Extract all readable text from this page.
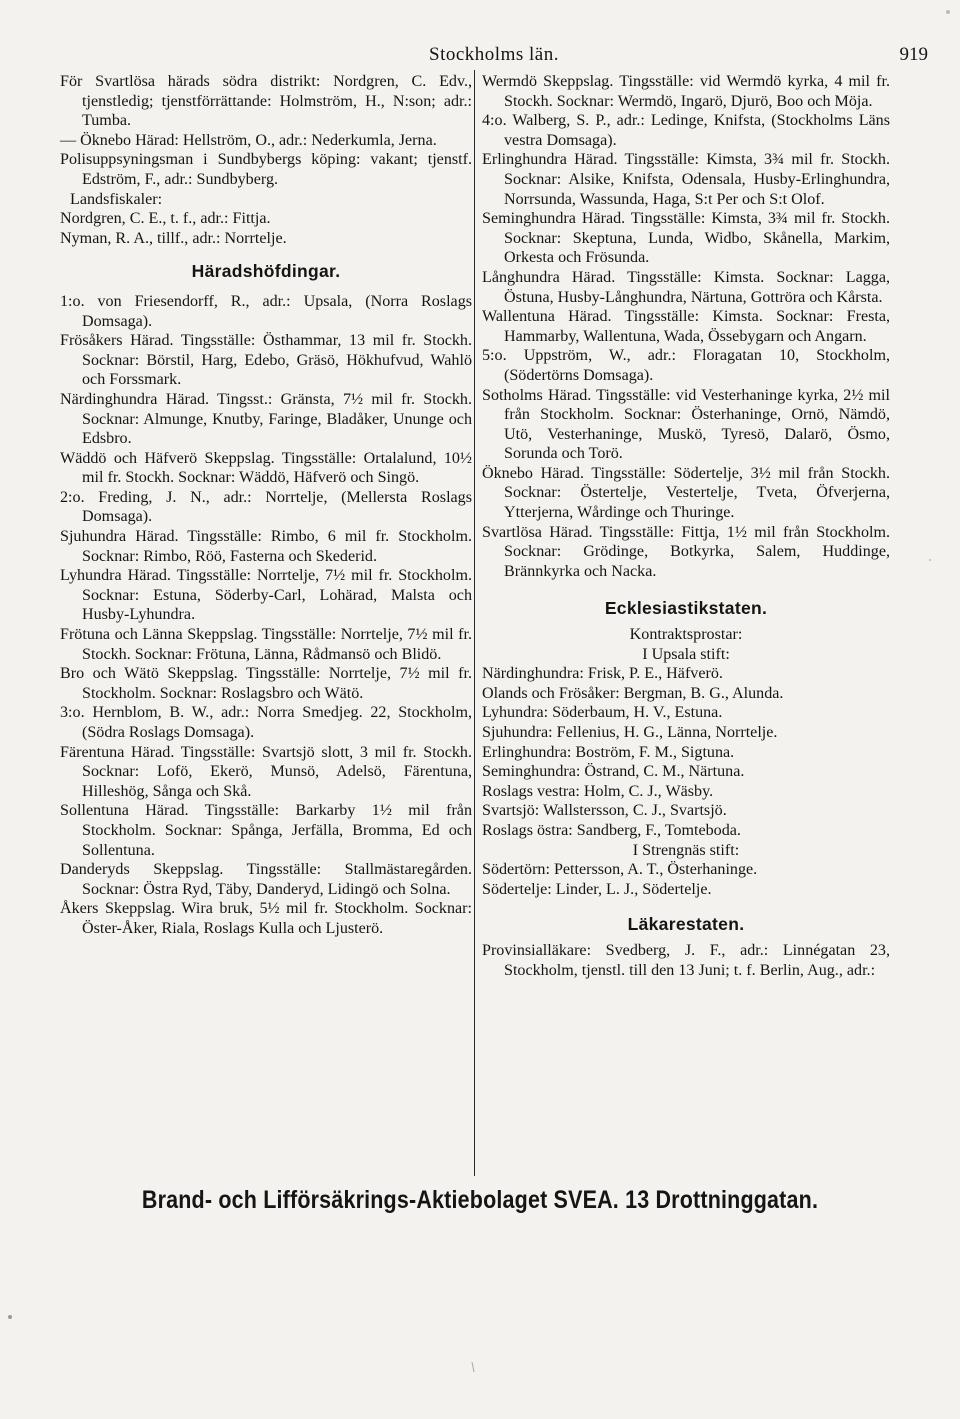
Stockholms län.	919

För Svartlösa härads södra distrikt: Nordgren, C. Edv., tjenstledig; tjenstförrättande: Holmström, H., N:son; adr.: Tumba.

— Öknebo Härad: Hellström, O., adr.: Nederkumla, Jerna.

Polisuppsyningsman i Sundbybergs köping: vakant; tjenstf. Edström, F., adr.: Sundbyberg.

Landsfiskaler:

Nordgren, C. E., t. f., adr.: Fittja.

Nyman, R. A., tillf., adr.: Norrtelje.

Häradshöfdingar.

1:o. von Friesendorff, R., adr.: Upsala, (Norra Roslags Domsaga).

Frösåkers Härad. Tingsställe: Östhammar, 13 mil fr. Stockh. Socknar: Börstil, Harg, Edebo, Gräsö, Hökhufvud, Wahlö och Forssmark.

Närdinghundra Härad. Tingsst.: Gränsta, 7½ mil fr. Stockh. Socknar: Almunge, Knutby, Faringe, Bladåker, Ununge och Edsbro.

Wäddö och Häfverö Skeppslag. Tingsställe: Ortalalund, 10½ mil fr. Stockh. Socknar: Wäddö, Häfverö och Singö.

2:o. Freding, J. N., adr.: Norrtelje, (Mellersta Roslags Domsaga).

Sjuhundra Härad. Tingsställe: Rimbo, 6 mil fr. Stockholm. Socknar: Rimbo, Röö, Fasterna och Skederid.

Lyhundra Härad. Tingsställe: Norrtelje, 7½ mil fr. Stockholm. Socknar: Estuna, Söderby-Carl, Lohärad, Malsta och Husby-Lyhundra.

Frötuna och Länna Skeppslag. Tingsställe: Norrtelje, 7½ mil fr. Stockh. Socknar: Frötuna, Länna, Rådmansö och Blidö.

Bro och Wätö Skeppslag. Tingsställe: Norrtelje, 7½ mil fr. Stockholm. Socknar: Roslagsbro och Wätö.

3:o. Hernblom, B. W., adr.: Norra Smedjeg. 22, Stockholm, (Södra Roslags Domsaga).

Färentuna Härad. Tingsställe: Svartsjö slott, 3 mil fr. Stockh. Socknar: Lofö, Ekerö, Munsö, Adelsö, Färentuna, Hilleshög, Sånga och Skå.

Sollentuna Härad. Tingsställe: Barkarby 1½ mil från Stockholm. Socknar: Spånga, Jerfälla, Bromma, Ed och Sollentuna.

Danderyds Skeppslag. Tingsställe: Stallmästaregården. Socknar: Östra Ryd, Täby, Danderyd, Lidingö och Solna.

Åkers Skeppslag. Wira bruk, 5½ mil fr. Stockholm. Socknar: Öster-Åker, Riala, Roslags Kulla och Ljusterö.

Wermdö Skeppslag. Tingsställe: vid Wermdö kyrka, 4 mil fr. Stockh. Socknar: Wermdö, Ingarö, Djurö, Boo och Möja.

4:o. Walberg, S. P., adr.: Ledinge, Knifsta, (Stockholms Läns vestra Domsaga).

Erlinghundra Härad. Tingsställe: Kimsta, 3¾ mil fr. Stockh. Socknar: Alsike, Knifsta, Odensala, Husby-Erlinghundra, Norrsunda, Wassunda, Haga, S:t Per och S:t Olof.

Seminghundra Härad. Tingsställe: Kimsta, 3¾ mil fr. Stockh. Socknar: Skeptuna, Lunda, Widbo, Skånella, Markim, Orkesta och Frösunda.

Långhundra Härad. Tingsställe: Kimsta. Socknar: Lagga, Östuna, Husby-Långhundra, Närtuna, Gottröra och Kårsta.

Wallentuna Härad. Tingsställe: Kimsta. Socknar: Fresta, Hammarby, Wallentuna, Wada, Össebygarn och Angarn.

5:o. Uppström, W., adr.: Floragatan 10, Stockholm, (Södertörns Domsaga).

Sotholms Härad. Tingsställe: vid Vesterhaninge kyrka, 2½ mil från Stockholm. Socknar: Österhaninge, Ornö, Nämdö, Utö, Vesterhaninge, Muskö, Tyresö, Dalarö, Ösmo, Sorunda och Torö.

Öknebo Härad. Tingsställe: Södertelje, 3½ mil från Stockh. Socknar: Östertelje, Vestertelje, Tveta, Öfverjerna, Ytterjerna, Wårdinge och Thuringe.

Svartlösa Härad. Tingsställe: Fittja, 1½ mil från Stockholm. Socknar: Grödinge, Botkyrka, Salem, Huddinge, Brännkyrka och Nacka.

Ecklesiastikstaten.

Kontraktsprostar:

I Upsala stift:

Närdinghundra: Frisk, P. E., Häfverö.

Olands och Frösåker: Bergman, B. G., Alunda.

Lyhundra: Söderbaum, H. V., Estuna.

Sjuhundra: Fellenius, H. G., Länna, Norrtelje.

Erlinghundra: Boström, F. M., Sigtuna.

Seminghundra: Östrand, C. M., Närtuna.

Roslags vestra: Holm, C. J., Wäsby.

Svartsjö: Wallstersson, C. J., Svartsjö.

Roslags östra: Sandberg, F., Tomteboda.

I Strengnäs stift:

Södertörn: Pettersson, A. T., Österhaninge.

Södertelje: Linder, L. J., Södertelje.

Läkarestaten.

Provinsialläkare: Svedberg, J. F., adr.: Linnégatan 23, Stockholm, tjenstl. till den 13 Juni; t. f. Berlin, Aug., adr.:

Brand- och Lifförsäkrings-Aktiebolaget SVEA. 13 Drottninggatan.
